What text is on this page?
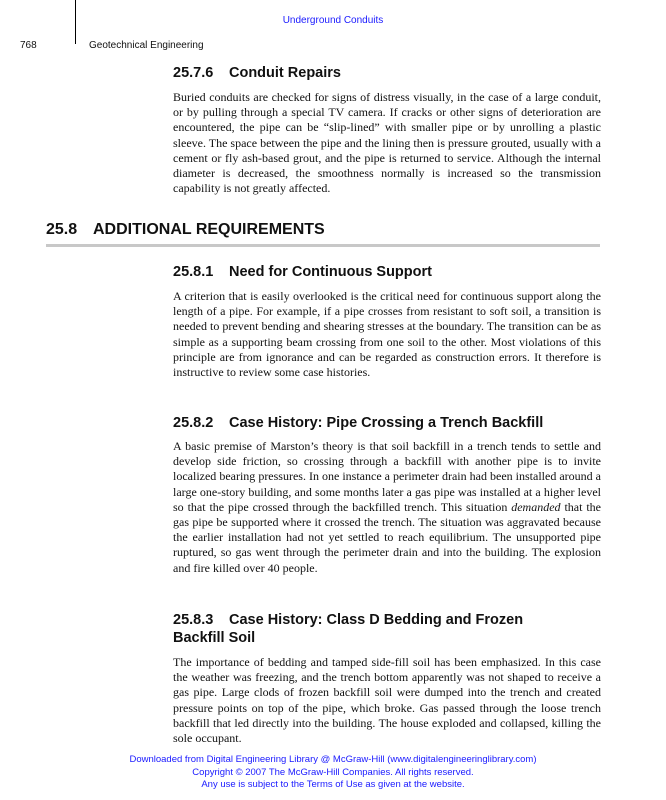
Underground Conduits
768	Geotechnical Engineering
25.7.6 Conduit Repairs

Buried conduits are checked for signs of distress visually, in the case of a large conduit, or by pulling through a special TV camera. If cracks or other signs of deterioration are encountered, the pipe can be “slip-lined” with smaller pipe or by unrolling a plastic sleeve. The space between the pipe and the lining then is pressure grouted, usually with a cement or fly ash-based grout, and the pipe is returned to service. Although the internal diameter is decreased, the smoothness normally is increased so the transmission capability is not greatly affected.

25.8 ADDITIONAL REQUIREMENTS
25.8.1 Need for Continuous Support

A criterion that is easily overlooked is the critical need for continuous support along the length of a pipe. For example, if a pipe crosses from resistant to soft soil, a transition is needed to prevent bending and shearing stresses at the boundary. The transition can be as simple as a supporting beam crossing from one soil to the other. Most violations of this principle are from ignorance and can be regarded as construction errors. It therefore is instructive to review some case histories.

25.8.2 Case History: Pipe Crossing a Trench Backfill

A basic premise of Marston’s theory is that soil backfill in a trench tends to settle and develop side friction, so crossing through a backfill with another pipe is to invite localized bearing pressures. In one instance a perimeter drain had been installed around a large one-story building, and some months later a gas pipe was installed at a higher level so that the pipe crossed through the backfilled trench. This situation demanded that the gas pipe be supported where it crossed the trench. The situation was aggravated because the earlier installation had not yet settled to reach equilibrium. The unsupported pipe ruptured, so gas went through the perimeter drain and into the building. The explosion and fire killed over 40 people.

25.8.3 Case History: Class D Bedding and Frozen
Backfill Soil

The importance of bedding and tamped side-fill soil has been emphasized. In this case the weather was freezing, and the trench bottom apparently was not shaped to receive a gas pipe. Large clods of frozen backfill soil were dumped into the trench and created pressure points on top of the pipe, which broke. Gas passed through the loose trench backfill that led directly into the building. The house exploded and collapsed, killing the sole occupant.

Downloaded from Digital Engineering Library @ McGraw-Hill (www.digitalengineeringlibrary.com)
Copyright © 2007 The McGraw-Hill Companies. All rights reserved.
Any use is subject to the Terms of Use as given at the website.
